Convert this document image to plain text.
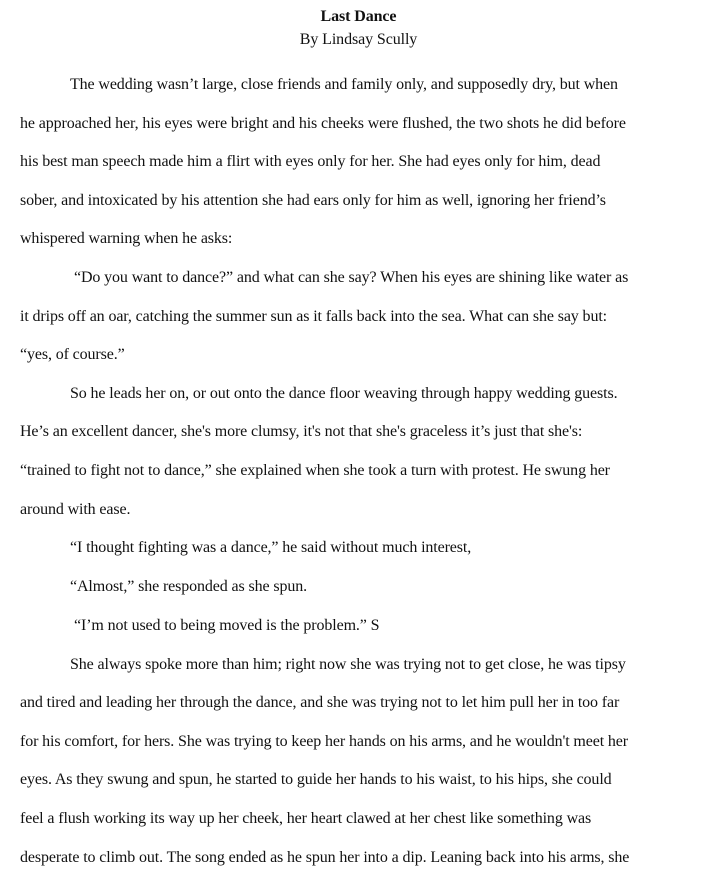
Last Dance
By Lindsay Scully
The wedding wasn’t large, close friends and family only, and supposedly dry, but when
he approached her, his eyes were bright and his cheeks were flushed, the two shots he did before
his best man speech made him a flirt with eyes only for her. She had eyes only for him, dead
sober, and intoxicated by his attention she had ears only for him as well, ignoring her friend’s
whispered warning when he asks:
“Do you want to dance?” and what can she say? When his eyes are shining like water as
it drips off an oar, catching the summer sun as it falls back into the sea. What can she say but:
“yes, of course.”
So he leads her on, or out onto the dance floor weaving through happy wedding guests.
He’s an excellent dancer, she's more clumsy, it's not that she's graceless it’s just that she's:
“trained to fight not to dance,” she explained when she took a turn with protest. He swung her
around with ease.
“I thought fighting was a dance,” he said without much interest,
“Almost,” she responded as she spun.
“I’m not used to being moved is the problem.” S
She always spoke more than him; right now she was trying not to get close, he was tipsy
and tired and leading her through the dance, and she was trying not to let him pull her in too far
for his comfort, for hers. She was trying to keep her hands on his arms, and he wouldn't meet her
eyes. As they swung and spun, he started to guide her hands to his waist, to his hips, she could
feel a flush working its way up her cheek, her heart clawed at her chest like something was
desperate to climb out. The song ended as he spun her into a dip. Leaning back into his arms, she
